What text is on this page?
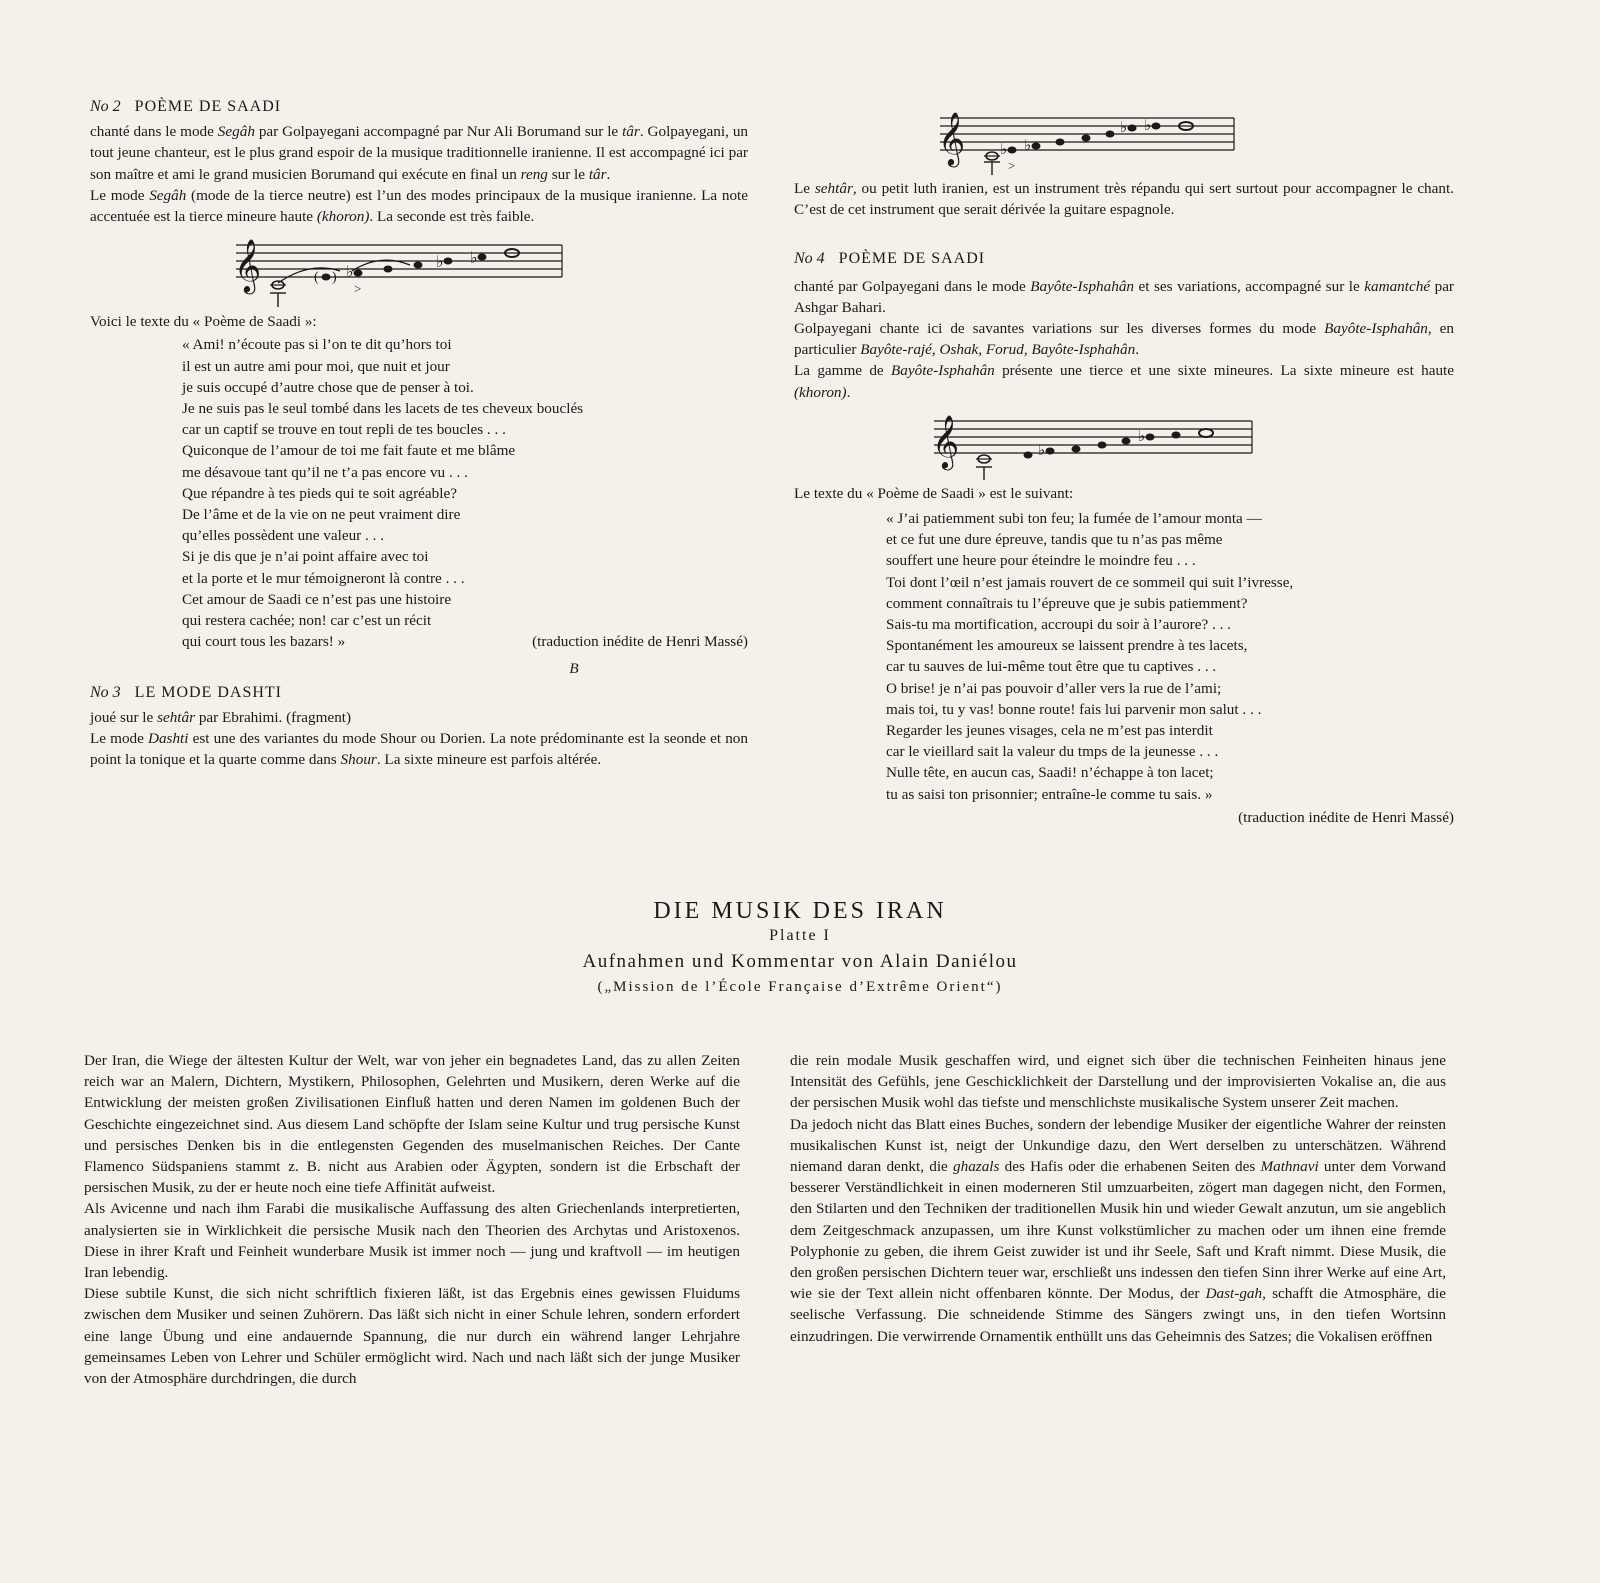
No 2 POÈME DE SAADI

chanté dans le mode Segâh par Golpayegani accompagné par Nur Ali Borumand sur le târ. Golpayegani, un tout jeune chanteur, est le plus grand espoir de la musique traditionnelle iranienne. Il est accompagné ici par son maître et ami le grand musicien Borumand qui exécute en final un reng sur le târ.

Le mode Segâh (mode de la tierce neutre) est l’un des modes principaux de la musique iranienne. La note accentuée est la tierce mineure haute (khoron). La seconde est très faible.

𝄞	( ) ♭
♭ ♭
>

Voici le texte du « Poème de Saadi »:

« Ami! n’écoute pas si l’on te dit qu’hors toi
il est un autre ami pour moi, que nuit et jour
je suis occupé d’autre chose que de penser à toi.
Je ne suis pas le seul tombé dans les lacets de tes cheveux bouclés
car un captif se trouve en tout repli de tes boucles . . .
Quiconque de l’amour de toi me fait faute et me blâme
me désavoue tant qu’il ne t’a pas encore vu . . .
Que répandre à tes pieds qui te soit agréable?
De l’âme et de la vie on ne peut vraiment dire
qu’elles possèdent une valeur . . .
Si je dis que je n’ai point affaire avec toi
et la porte et le mur témoigneront là contre . . .
Cet amour de Saadi ce n’est pas une histoire
qui restera cachée; non! car c’est un récit
qui court tous les bazars! »	(traduction inédite de Henri Massé)
B
No 3 LE MODE DASHTI

joué sur le sehtâr par Ebrahimi. (fragment)

Le mode Dashti est une des variantes du mode Shour ou Dorien. La note prédominante est la seonde et non point la tonique et la quarte comme dans Shour. La sixte mineure est parfois altérée.

𝄞 ♭ ♭
♭ ♭
>

Le sehtâr, ou petit luth iranien, est un instrument très répandu qui sert surtout pour accompagner le chant. C’est de cet instrument que serait dérivée la guitare espagnole.

No 4 POÈME DE SAADI

chanté par Golpayegani dans le mode Bayôte-Isphahân et ses variations, accompagné sur le kamantché par Ashgar Bahari.

Golpayegani chante ici de savantes variations sur les diverses formes du mode Bayôte-Isphahân, en particulier Bayôte-rajé, Oshak, Forud, Bayôte-Isphahân.

La gamme de Bayôte-Isphahân présente une tierce et une sixte mineures. La sixte mineure est haute (khoron).

𝄞	♭
♭

Le texte du « Poème de Saadi » est le suivant:

« J’ai patiemment subi ton feu; la fumée de l’amour monta —
et ce fut une dure épreuve, tandis que tu n’as pas même
souffert une heure pour éteindre le moindre feu . . .
Toi dont l’œil n’est jamais rouvert de ce sommeil qui suit l’ivresse,
comment connaîtrais tu l’épreuve que je subis patiemment?
Sais-tu ma mortification, accroupi du soir à l’aurore? . . .
Spontanément les amoureux se laissent prendre à tes lacets,
car tu sauves de lui-même tout être que tu captives . . .
O brise! je n’ai pas pouvoir d’aller vers la rue de l’ami;
mais toi, tu y vas! bonne route! fais lui parvenir mon salut . . .
Regarder les jeunes visages, cela ne m’est pas interdit
car le vieillard sait la valeur du tmps de la jeunesse . . .
Nulle tête, en aucun cas, Saadi! n’échappe à ton lacet;
tu as saisi ton prisonnier; entraîne-le comme tu sais. »
(traduction inédite de Henri Massé)
DIE MUSIK DES IRAN
Platte I
Aufnahmen und Kommentar von Alain Daniélou
(„Mission de l’École Française d’Extrême Orient“)

Der Iran, die Wiege der ältesten Kultur der Welt, war von jeher ein begnadetes Land, das zu allen Zeiten reich war an Malern, Dichtern, Mystikern, Philosophen, Gelehrten und Musikern, deren Werke auf die Entwicklung der meisten großen Zivilisationen Einfluß hatten und deren Namen im goldenen Buch der Geschichte eingezeichnet sind. Aus diesem Land schöpfte der Islam seine Kultur und trug persische Kunst und persisches Denken bis in die entlegensten Gegenden des muselmanischen Reiches. Der Cante Flamenco Südspaniens stammt z. B. nicht aus Arabien oder Ägypten, sondern ist die Erbschaft der persischen Musik, zu der er heute noch eine tiefe Affinität aufweist.

Als Avicenne und nach ihm Farabi die musikalische Auffassung des alten Griechenlands interpretierten, analysierten sie in Wirklichkeit die persische Musik nach den Theorien des Archytas und Aristoxenos. Diese in ihrer Kraft und Feinheit wunderbare Musik ist immer noch — jung und kraftvoll — im heutigen Iran lebendig.

Diese subtile Kunst, die sich nicht schriftlich fixieren läßt, ist das Ergebnis eines gewissen Fluidums zwischen dem Musiker und seinen Zuhörern. Das läßt sich nicht in einer Schule lehren, sondern erfordert eine lange Übung und eine andauernde Spannung, die nur durch ein während langer Lehrjahre gemeinsames Leben von Lehrer und Schüler ermöglicht wird. Nach und nach läßt sich der junge Musiker von der Atmosphäre durchdringen, die durch

die rein modale Musik geschaffen wird, und eignet sich über die technischen Feinheiten hinaus jene Intensität des Gefühls, jene Geschicklichkeit der Darstellung und der improvisierten Vokalise an, die aus der persischen Musik wohl das tiefste und menschlichste musikalische System unserer Zeit machen.

Da jedoch nicht das Blatt eines Buches, sondern der lebendige Musiker der eigentliche Wahrer der reinsten musikalischen Kunst ist, neigt der Unkundige dazu, den Wert derselben zu unterschätzen. Während niemand daran denkt, die ghazals des Hafis oder die erhabenen Seiten des Mathnavi unter dem Vorwand besserer Verständlichkeit in einen moderneren Stil umzuarbeiten, zögert man dagegen nicht, den Formen, den Stilarten und den Techniken der traditionellen Musik hin und wieder Gewalt anzutun, um sie angeblich dem Zeitgeschmack anzupassen, um ihre Kunst volkstümlicher zu machen oder um ihnen eine fremde Polyphonie zu geben, die ihrem Geist zuwider ist und ihr Seele, Saft und Kraft nimmt. Diese Musik, die den großen persischen Dichtern teuer war, erschließt uns indessen den tiefen Sinn ihrer Werke auf eine Art, wie sie der Text allein nicht offenbaren könnte. Der Modus, der Dast-gah, schafft die Atmosphäre, die seelische Verfassung. Die schneidende Stimme des Sängers zwingt uns, in den tiefen Wortsinn einzudringen. Die verwirrende Ornamentik enthüllt uns das Geheimnis des Satzes; die Vokalisen eröffnen
